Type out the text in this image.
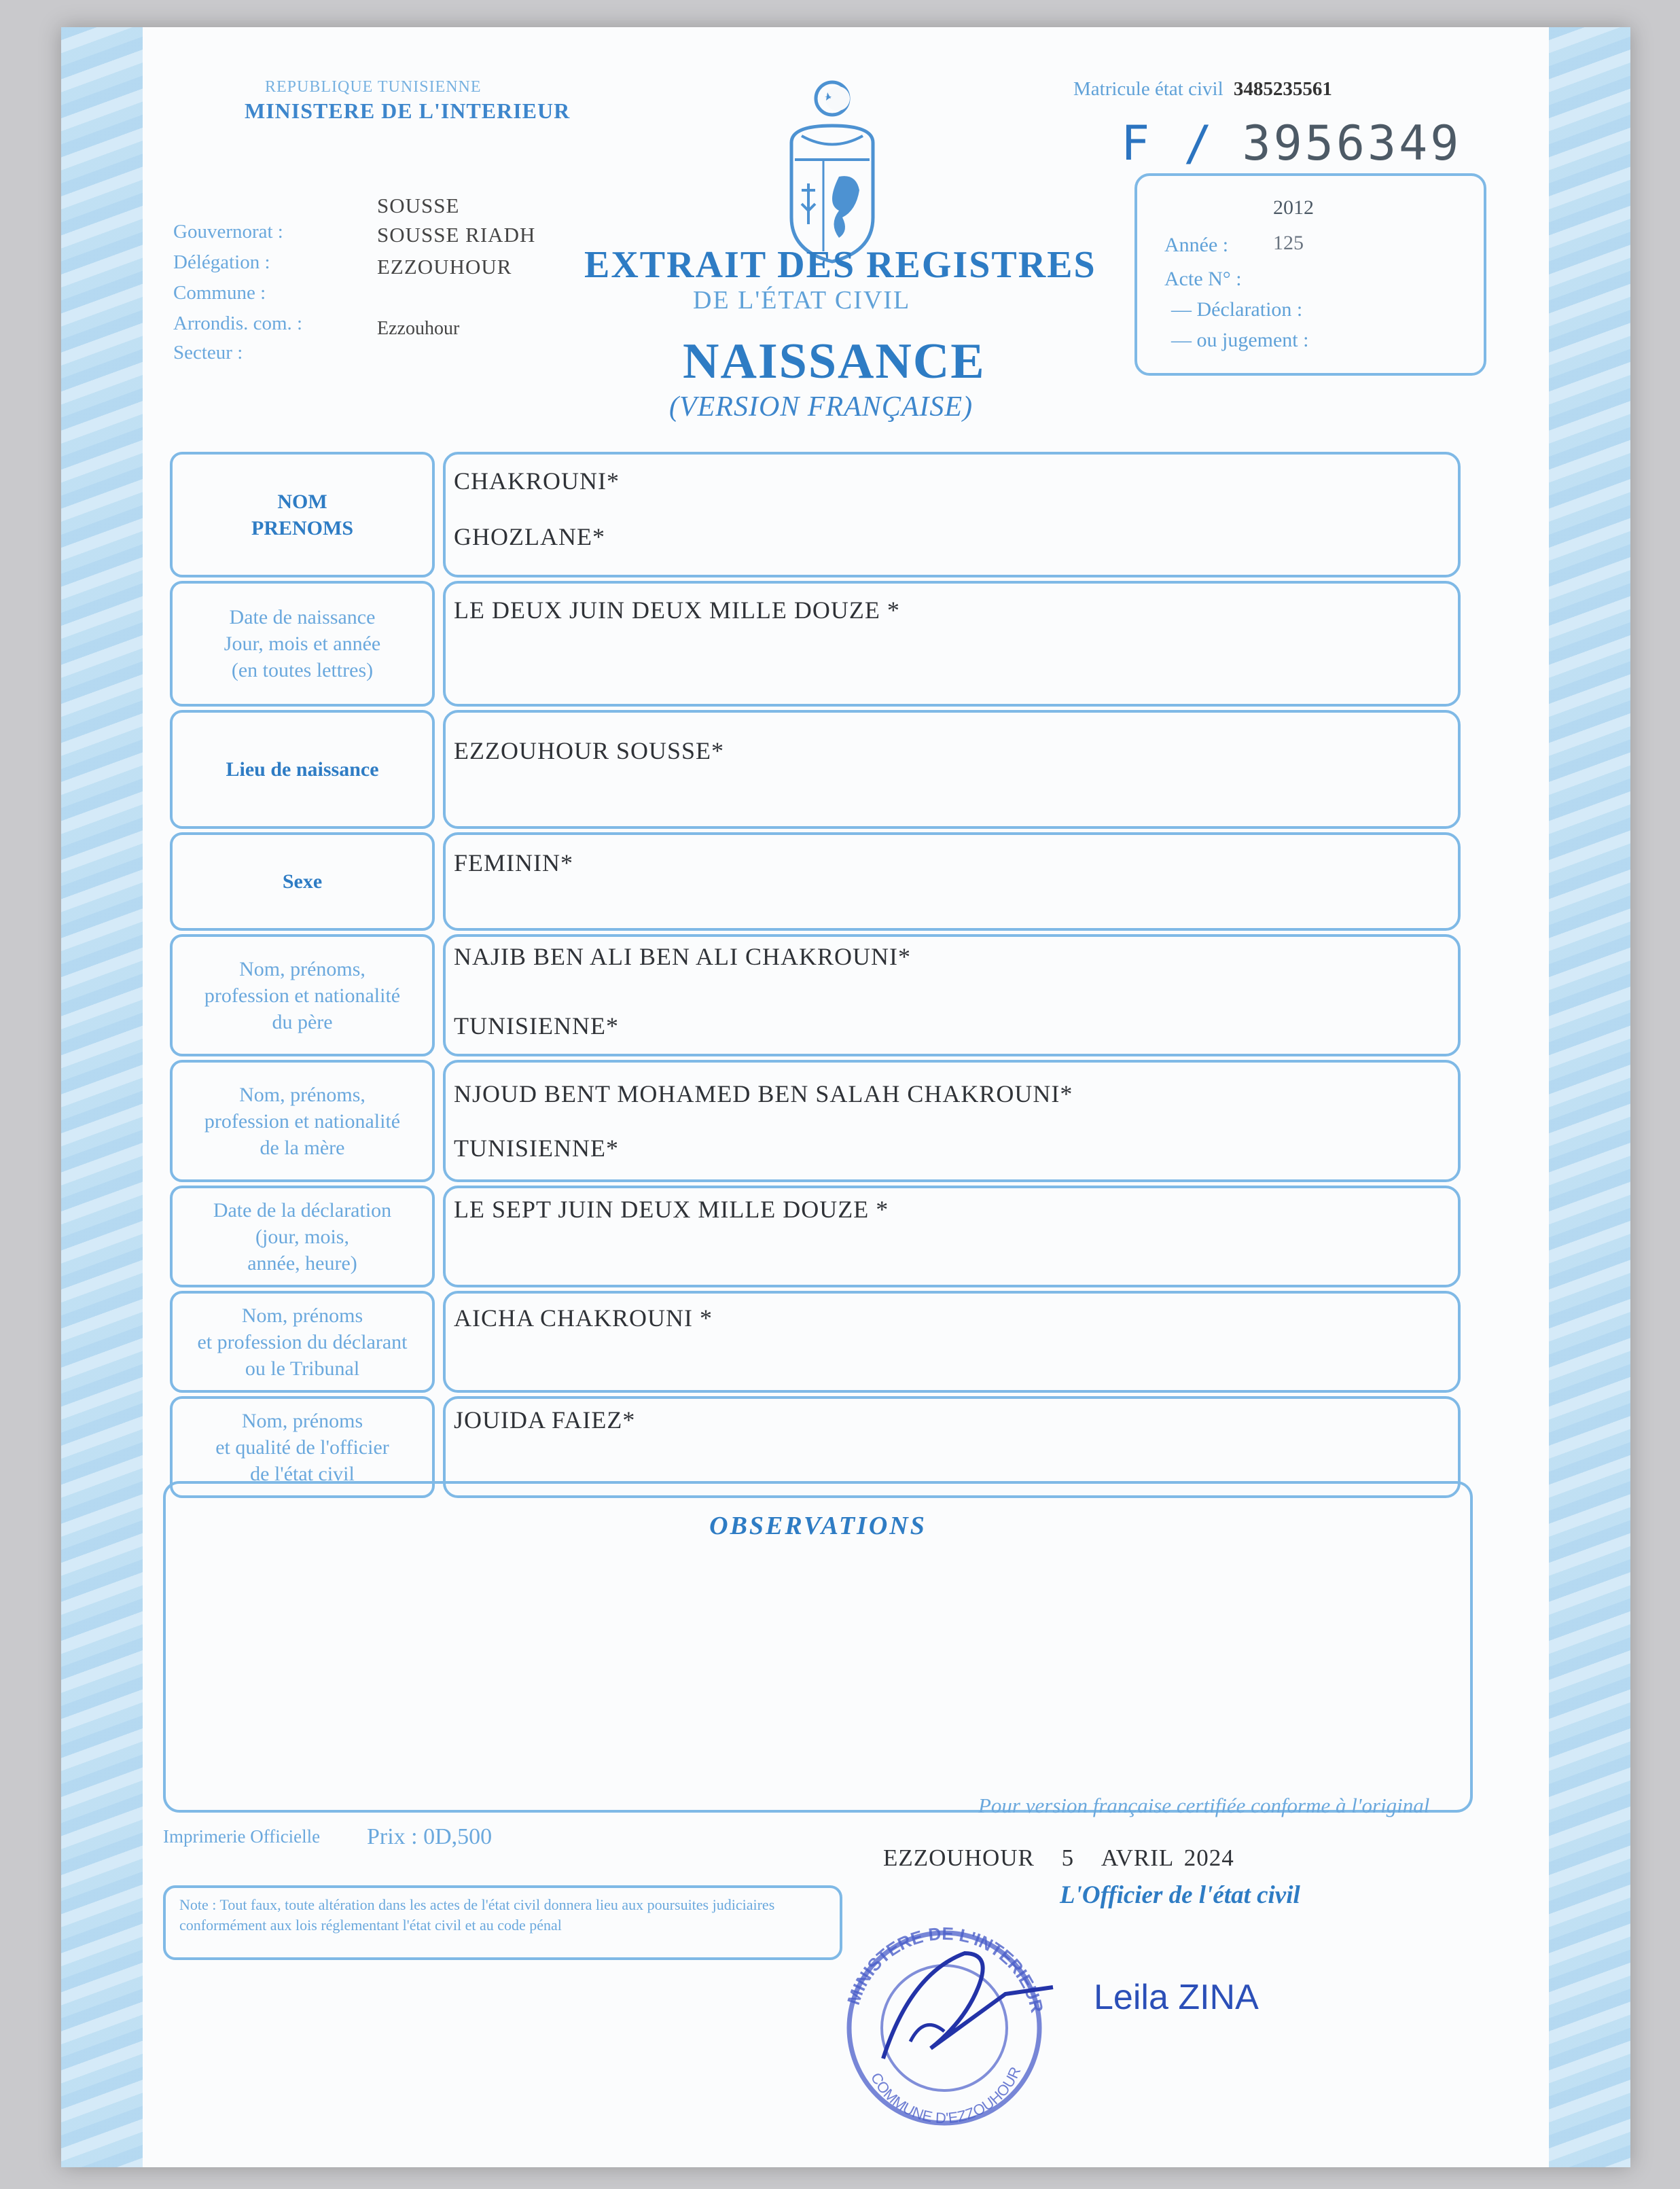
REPUBLIQUE TUNISIENNE
MINISTERE DE L'INTERIEUR
Gouvernorat :
Délégation :
Commune :
Arrondis. com. :
Secteur :
SOUSSE
SOUSSE RIADH
EZZOUHOUR
Ezzouhour
EXTRAIT DES REGISTRES
DE L'ÉTAT CIVIL
NAISSANCE
(VERSION FRANÇAISE)
Matricule état civil 3485235561
F / 3956349
2012
Année : 125
Acte N° :
— Déclaration :
— ou jugement :
NOM
PRENOMS
CHAKROUNI*
GHOZLANE*
Date de naissance
Jour, mois et année
(en toutes lettres)
LE DEUX JUIN DEUX MILLE DOUZE *
Lieu de naissance
EZZOUHOUR SOUSSE*
Sexe
FEMININ*
Nom, prénoms,
profession et nationalité
du père
NAJIB BEN ALI BEN ALI CHAKROUNI*
TUNISIENNE*
Nom, prénoms,
profession et nationalité
de la mère
NJOUD BENT MOHAMED BEN SALAH CHAKROUNI*
TUNISIENNE*
Date de la déclaration
(jour, mois,
année, heure)
LE SEPT JUIN DEUX MILLE DOUZE *
Nom, prénoms
et profession du déclarant
ou le Tribunal
AICHA CHAKROUNI *
Nom, prénoms
et qualité de l'officier
de l'état civil
JOUIDA FAIEZ*
OBSERVATIONS
Imprimerie Officielle Prix : 0D,500
Note : Tout faux, toute altération dans les actes de l'état civil donnera lieu aux poursuites judiciaires conformément aux lois réglementant l'état civil et au code pénal
Pour version française certifiée conforme à l'original
EZZOUHOUR 5 AVRIL 2024
L'Officier de l'état civil
MINISTERE DE L'INTERIEUR
COMMUNE D'EZZOUHOUR
Leila ZINA
